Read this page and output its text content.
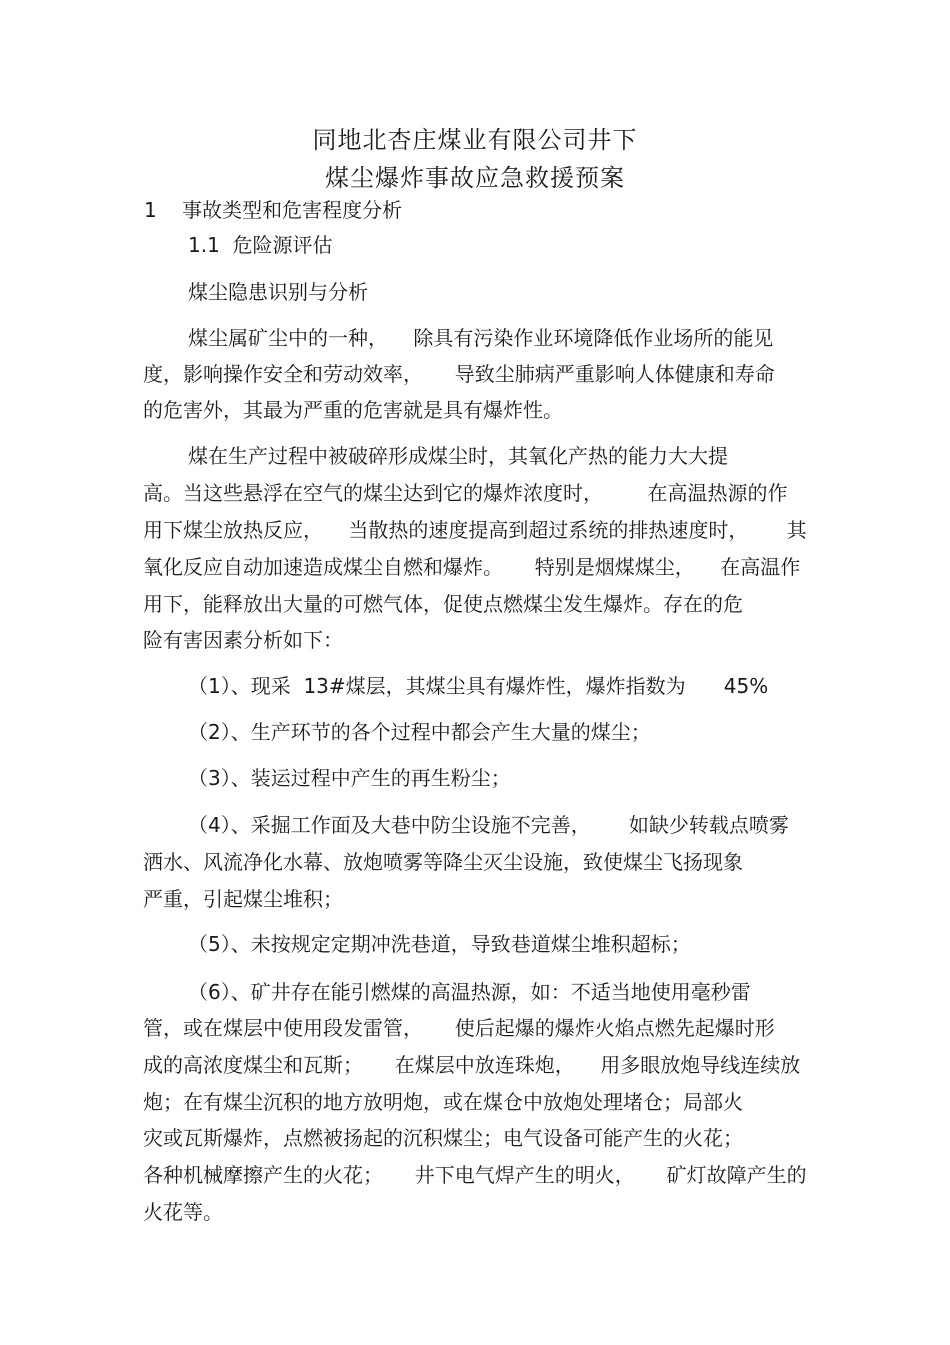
同地北杏庄煤业有限公司井下
煤尘爆炸事故应急救援预案
1    事故类型和危害程度分析
1.1  危险源评估
煤尘隐患识别与分析
煤尘属矿尘中的一种，    除具有污染作业环境降低作业场所的能见
度，影响操作安全和劳动效率，     导致尘肺病严重影响人体健康和寿命
的危害外，其最为严重的危害就是具有爆炸性。
煤在生产过程中被破碎形成煤尘时，其氧化产热的能力大大提
高。当这些悬浮在空气的煤尘达到它的爆炸浓度时，       在高温热源的作
用下煤尘放热反应，    当散热的速度提高到超过系统的排热速度时，      其
氧化反应自动加速造成煤尘自燃和爆炸。     特别是烟煤煤尘，    在高温作
用下，能释放出大量的可燃气体，促使点燃煤尘发生爆炸。存在的危
险有害因素分析如下：
（1）、现采  13#煤层，其煤尘具有爆炸性，爆炸指数为      45%
（2）、生产环节的各个过程中都会产生大量的煤尘；
（3）、装运过程中产生的再生粉尘；
（4）、采掘工作面及大巷中防尘设施不完善，      如缺少转载点喷雾
洒水、风流净化水幕、放炮喷雾等降尘灭尘设施，致使煤尘飞扬现象
严重，引起煤尘堆积；
（5）、未按规定定期冲洗巷道，导致巷道煤尘堆积超标；
（6）、矿井存在能引燃煤的高温热源，如：不适当地使用毫秒雷
管，或在煤层中使用段发雷管，     使后起爆的爆炸火焰点燃先起爆时形
成的高浓度煤尘和瓦斯；     在煤层中放连珠炮，    用多眼放炮导线连续放
炮；在有煤尘沉积的地方放明炮，或在煤仓中放炮处理堵仓；局部火
灾或瓦斯爆炸，点燃被扬起的沉积煤尘；电气设备可能产生的火花；
各种机械摩擦产生的火花；     井下电气焊产生的明火，     矿灯故障产生的
火花等。
